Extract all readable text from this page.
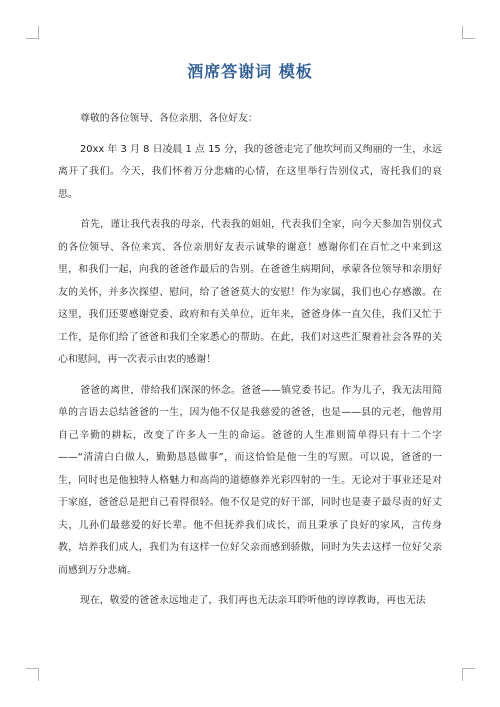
酒席答谢词 模板

尊敬的各位领导、各位亲朋、各位好友：

20xx 年 3 月 8 日凌晨 1 点 15 分，我的爸爸走完了他坎坷而又绚丽的一生，永远离开了我们。今天，我们怀着万分悲痛的心情，在这里举行告别仪式，寄托我们的哀思。

首先，谨让我代表我的母亲，代表我的姐姐，代表我们全家，向今天参加告别仪式的各位领导、各位来宾、各位亲朋好友表示诚挚的谢意！感谢你们在百忙之中来到这里，和我们一起，向我的爸爸作最后的告别。在爸爸生病期间，承蒙各位领导和亲朋好友的关怀，并多次探望、慰问，给了爸爸莫大的安慰！作为家属，我们也心存感激。在这里，我们还要感谢党委、政府和有关单位，近年来，爸爸身体一直欠佳，我们又忙于工作，是你们给了爸爸和我们全家悉心的帮助。在此，我们对这些汇聚着社会各界的关心和慰问，再一次表示由衷的感谢！

爸爸的离世，带给我们深深的怀念。爸爸——镇党委书记。作为儿子，我无法用简单的言语去总结爸爸的一生，因为他不仅是我慈爱的爸爸，也是——县的元老，他曾用自己辛勤的耕耘，改变了许多人一生的命运。爸爸的人生准则简单得只有十二个字——“清清白白做人，勤勤恳恳做事”，而这恰恰是他一生的写照。可以说，爸爸的一生，同时也是他独特人格魅力和高尚的道德修养光彩四射的一生。无论对于事业还是对于家庭，爸爸总是把自己看得很轻。他不仅是党的好干部，同时也是妻子最尽责的好丈夫，儿孙们最慈爱的好长辈。他不但抚养我们成长，而且秉承了良好的家风，言传身教，培养我们成人，我们为有这样一位好父亲而感到骄傲，同时为失去这样一位好父亲而感到万分悲痛。

现在，敬爱的爸爸永远地走了，我们再也无法亲耳聆听他的谆谆教诲，再也无法
